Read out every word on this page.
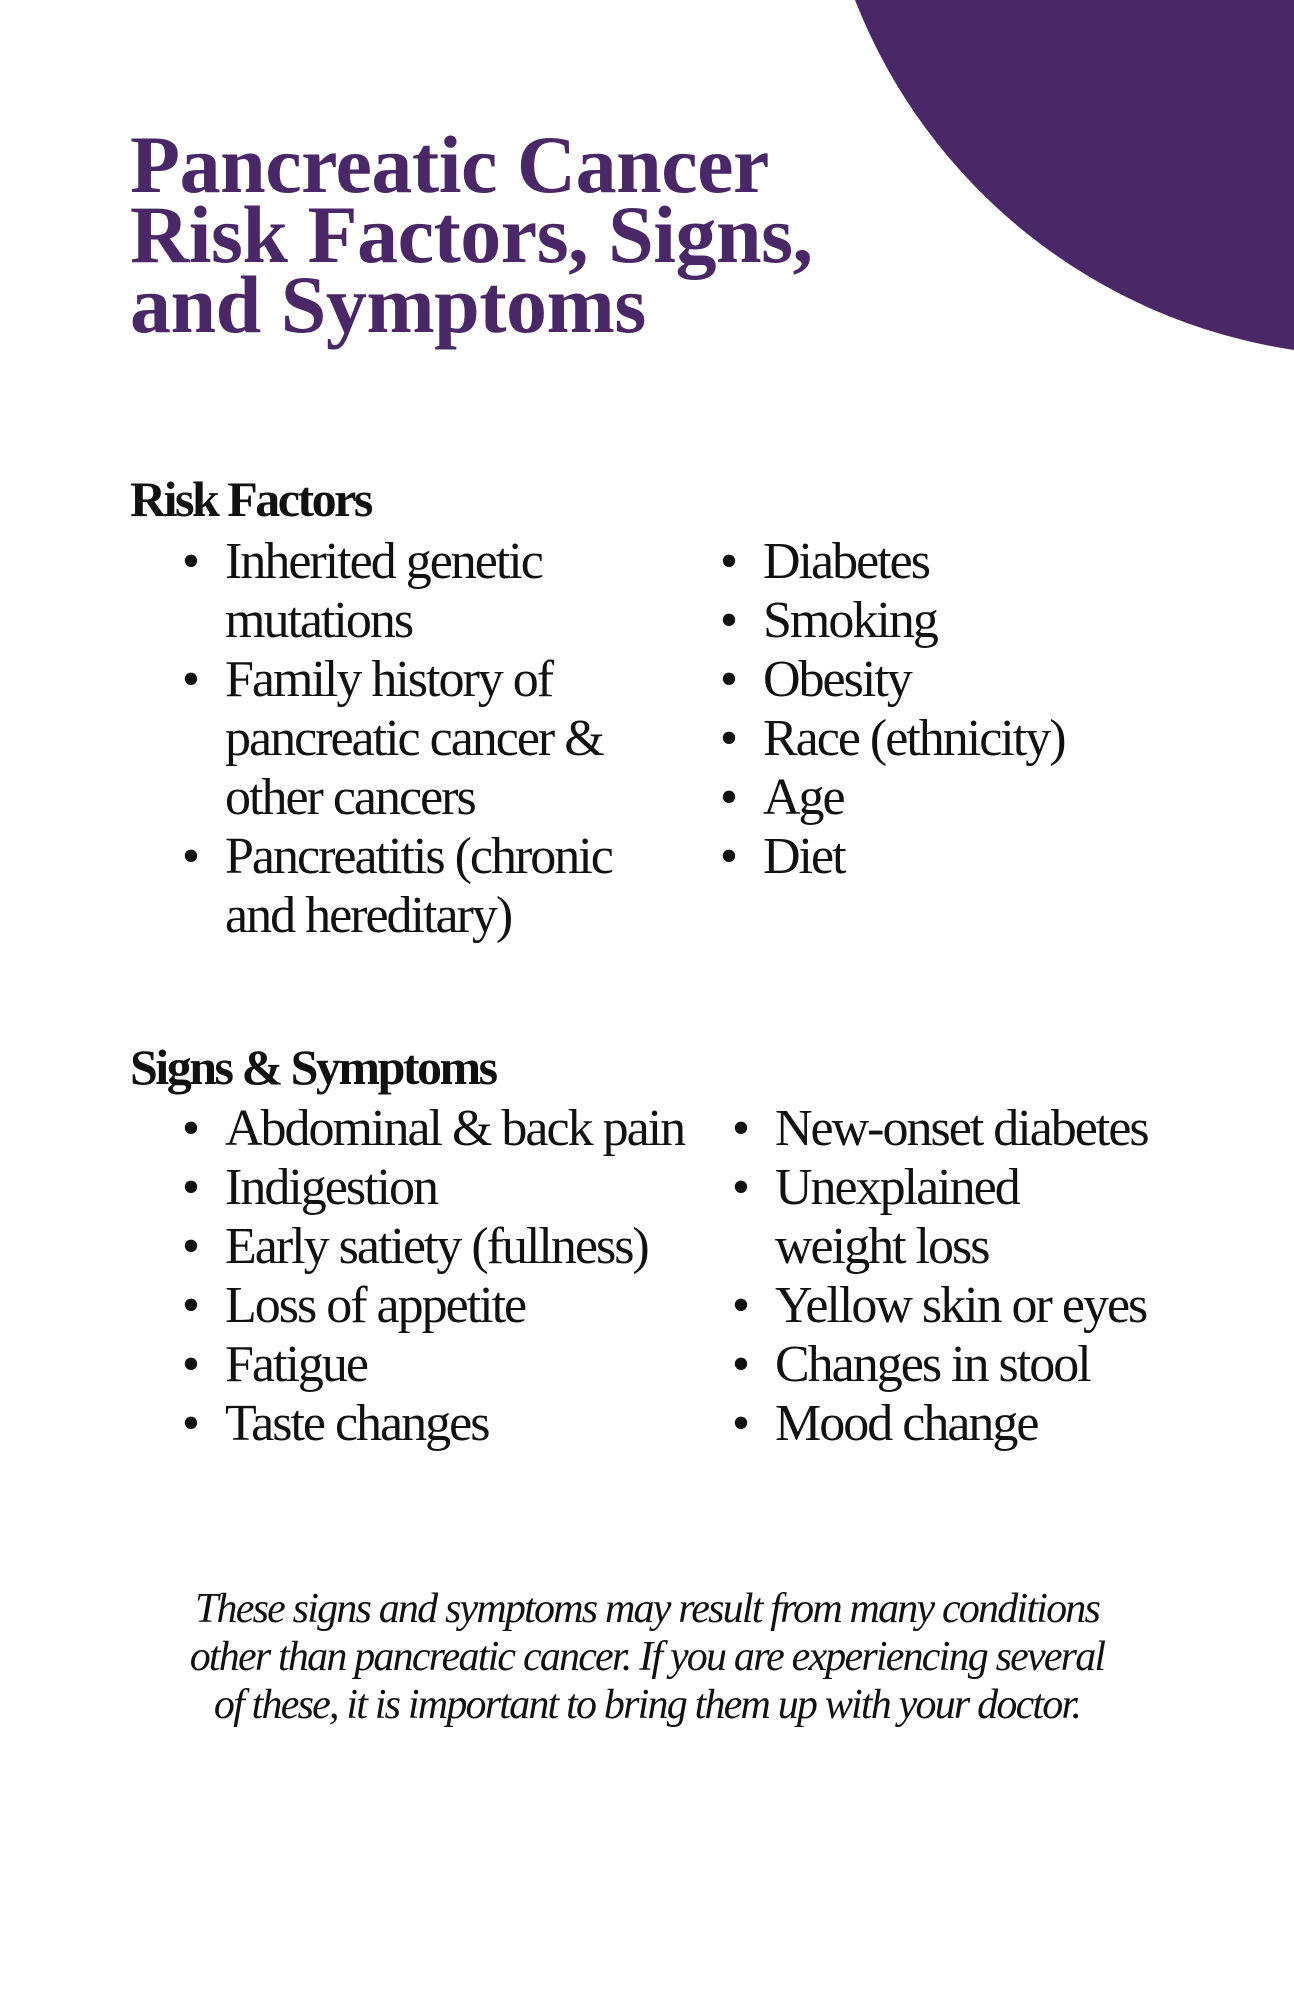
Pancreatic Cancer
Risk Factors, Signs,
and Symptoms
Risk Factors
• Inherited genetic
mutations
• Family history of
pancreatic cancer &
other cancers
• Pancreatitis (chronic
and hereditary)
• Diabetes
• Smoking
• Obesity
• Race (ethnicity)
• Age
• Diet
Signs & Symptoms
• Abdominal & back pain
• Indigestion
• Early satiety (fullness)
• Loss of appetite
• Fatigue
• Taste changes
• New-onset diabetes
• Unexplained
weight loss
• Yellow skin or eyes
• Changes in stool
• Mood change

These signs and symptoms may result from many conditions
other than pancreatic cancer. If you are experiencing several
of these, it is important to bring them up with your doctor.
